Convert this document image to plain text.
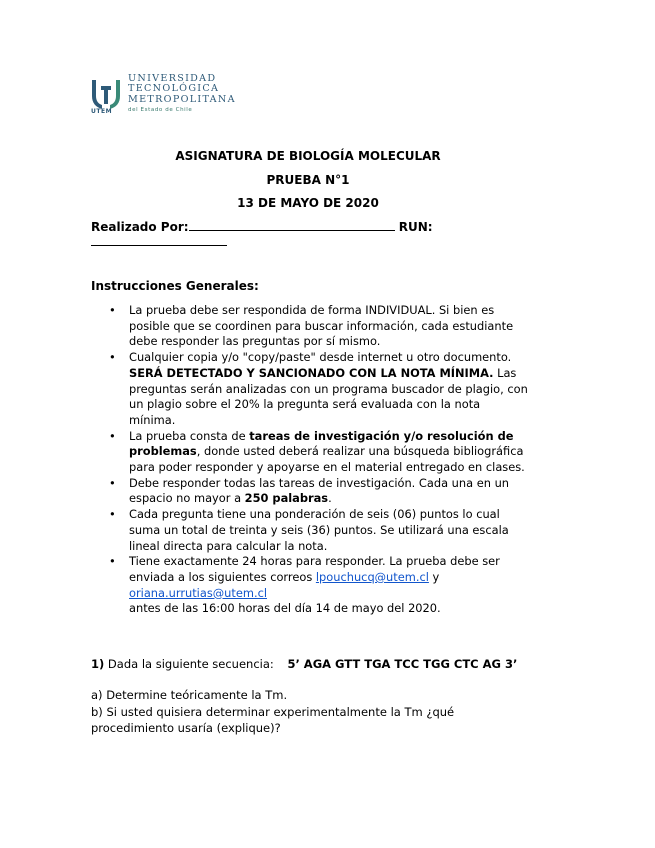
UNIVERSIDAD
TECNOLÓGICA
METROPOLITANA
del Estado de Chile
UTEM
ASIGNATURA DE BIOLOGÍA MOLECULAR
PRUEBA N°1
13 DE MAYO DE 2020
Realizado Por:	RUN:
Instrucciones Generales:
• La prueba debe ser respondida de forma INDIVIDUAL. Si bien es posible que se coordinen para buscar información, cada estudiante debe responder las preguntas por sí mismo.
• Cualquier copia y/o "copy/paste" desde internet u otro documento. SERÁ DETECTADO Y SANCIONADO CON LA NOTA MÍNIMA. Las preguntas serán analizadas con un programa buscador de plagio, con un plagio sobre el 20% la pregunta será evaluada con la nota mínima.
• La prueba consta de tareas de investigación y/o resolución de problemas, donde usted deberá realizar una búsqueda bibliográfica para poder responder y apoyarse en el material entregado en clases.
• Debe responder todas las tareas de investigación. Cada una en un espacio no mayor a 250 palabras.
• Cada pregunta tiene una ponderación de seis (06) puntos lo cual suma un total de treinta y seis (36) puntos. Se utilizará una escala lineal directa para calcular la nota.
• Tiene exactamente 24 horas para responder. La prueba debe ser enviada a los siguientes correos lpouchucq@utem.cl y
oriana.urrutias@utem.cl
antes de las 16:00 horas del día 14 de mayo del 2020.
1) Dada la siguiente secuencia: 5’ AGA GTT TGA TCC TGG CTC AG 3’
a) Determine teóricamente la Tm.
b) Si usted quisiera determinar experimentalmente la Tm ¿qué procedimiento usaría (explique)?
